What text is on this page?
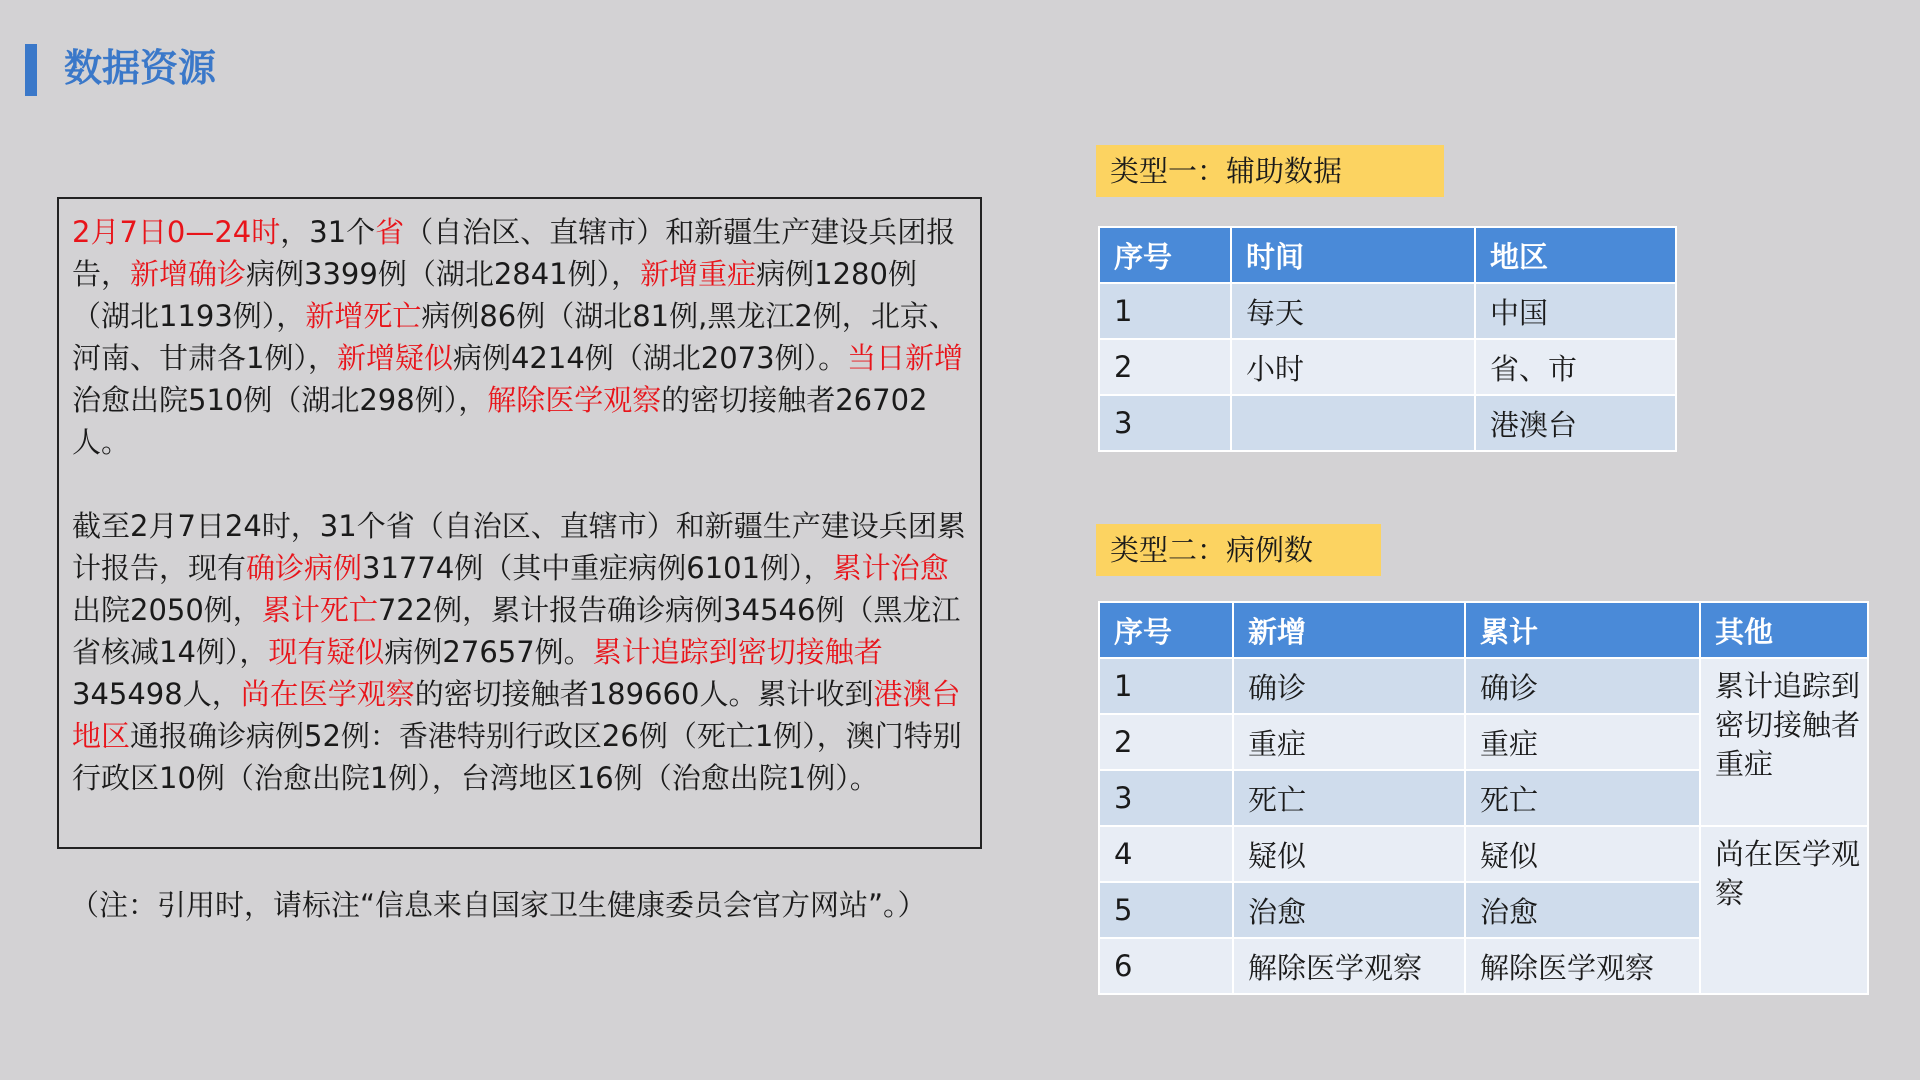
数据资源

2月7日0—24时，31个省（自治区、直辖市）和新疆生产建设兵团报告，新增确诊病例3399例（湖北2841例），新增重症病例1280例（湖北1193例），新增死亡病例86例（湖北81例,黑龙江2例，北京、河南、甘肃各1例），新增疑似病例4214例（湖北2073例）。当日新增治愈出院510例（湖北298例），解除医学观察的密切接触者26702人。

截至2月7日24时，31个省（自治区、直辖市）和新疆生产建设兵团累计报告，现有确诊病例31774例（其中重症病例6101例），累计治愈出院2050例，累计死亡722例，累计报告确诊病例34546例（黑龙江省核减14例），现有疑似病例27657例。累计追踪到密切接触者345498人，尚在医学观察的密切接触者189660人。累计收到港澳台地区通报确诊病例52例：香港特别行政区26例（死亡1例），澳门特别行政区10例（治愈出院1例），台湾地区16例（治愈出院1例）。

（注：引用时，请标注“信息来自国家卫生健康委员会官方网站”。）
类型一：辅助数据
序号	时间	地区
1	每天	中国
2	小时	省、市
3		港澳台
类型二：病例数
序号	新增	累计	其他
1	确诊	确诊	累计追踪到密切接触者重症
2	重症	重症	
3	死亡	死亡	
4	疑似	疑似	尚在医学观察
5	治愈	治愈	
6	解除医学观察	解除医学观察	
